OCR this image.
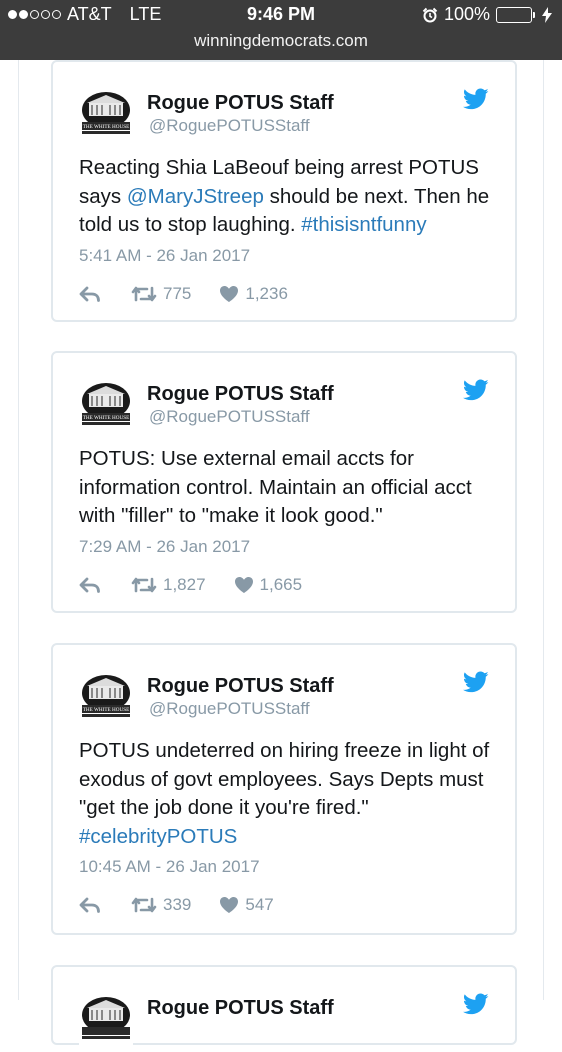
AT&T LTE	9:46 PM	100%
winningdemocrats.com
THE WHITE HOUSE
Rogue POTUS Staff
@RoguePOTUSStaff
Reacting Shia LaBeouf being arrest POTUS says @MaryJStreep should be next. Then he told us to stop laughing. #thisisntfunny
5:41 AM - 26 Jan 2017
775	1,236
THE WHITE HOUSE
Rogue POTUS Staff
@RoguePOTUSStaff
POTUS: Use external email accts for information control. Maintain an official acct with "filler" to "make it look good."
7:29 AM - 26 Jan 2017
1,827	1,665
THE WHITE HOUSE
Rogue POTUS Staff
@RoguePOTUSStaff
POTUS undeterred on hiring freeze in light of exodus of govt employees. Says Depts must "get the job done it you're fired." #celebrityPOTUS
10:45 AM - 26 Jan 2017
339	547
Rogue POTUS Staff
